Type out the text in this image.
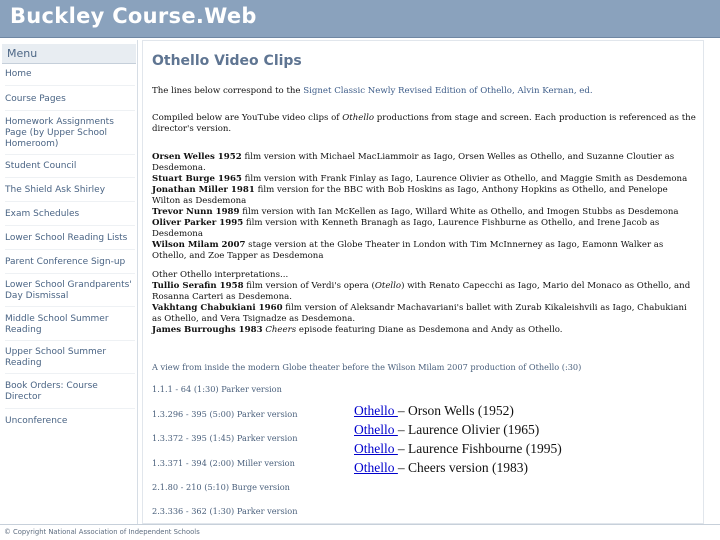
Buckley Course.Web
Menu
Home
Course Pages
Homework Assignments Page (by Upper School Homeroom)
Student Council
The Shield Ask Shirley
Exam Schedules
Lower School Reading Lists
Parent Conference Sign-up
Lower School Grandparents' Day Dismissal
Middle School Summer Reading
Upper School Summer Reading
Book Orders: Course Director
Unconference
Othello Video Clips

The lines below correspond to the Signet Classic Newly Revised Edition of Othello, Alvin Kernan, ed.

Compiled below are YouTube video clips of Othello productions from stage and screen. Each production is referenced as the director's version.

Orsen Welles 1952 film version with Michael MacLiammoir as Iago, Orsen Welles as Othello, and Suzanne Cloutier as Desdemona.

Stuart Burge 1965 film version with Frank Finlay as Iago, Laurence Olivier as Othello, and Maggie Smith as Desdemona

Jonathan Miller 1981 film version for the BBC with Bob Hoskins as Iago, Anthony Hopkins as Othello, and Penelope Wilton as Desdemona

Trevor Nunn 1989 film version with Ian McKellen as Iago, Willard White as Othello, and Imogen Stubbs as Desdemona

Oliver Parker 1995 film version with Kenneth Branagh as Iago, Laurence Fishburne as Othello, and Irene Jacob as Desdemona

Wilson Milam 2007 stage version at the Globe Theater in London with Tim McInnerney as Iago, Eamonn Walker as Othello, and Zoe Tapper as Desdemona

Other Othello interpretations...

Tullio Serafin 1958 film version of Verdi's opera (Otello) with Renato Capecchi as Iago, Mario del Monaco as Othello, and Rosanna Carteri as Desdemona.

Vakhtang Chabukiani 1960 film version of Aleksandr Machavariani's ballet with Zurab Kikaleishvili as Iago, Chabukiani as Othello, and Vera Tsignadze as Desdemona.

James Burroughs 1983 Cheers episode featuring Diane as Desdemona and Andy as Othello.

A view from inside the modern Globe theater before the Wilson Milam 2007 production of Othello (:30)
1.1.1 - 64 (1:30) Parker version
1.3.296 - 395 (5:00) Parker version
1.3.372 - 395 (1:45) Parker version
1.3.371 - 394 (2:00) Miller version
2.1.80 - 210 (5:10) Burge version
2.3.336 - 362 (1:30) Parker version
Othello – Orson Wells (1952)
Othello – Laurence Olivier (1965)
Othello – Laurence Fishbourne (1995)
Othello – Cheers version (1983)
© Copyright National Association of Independent Schools
